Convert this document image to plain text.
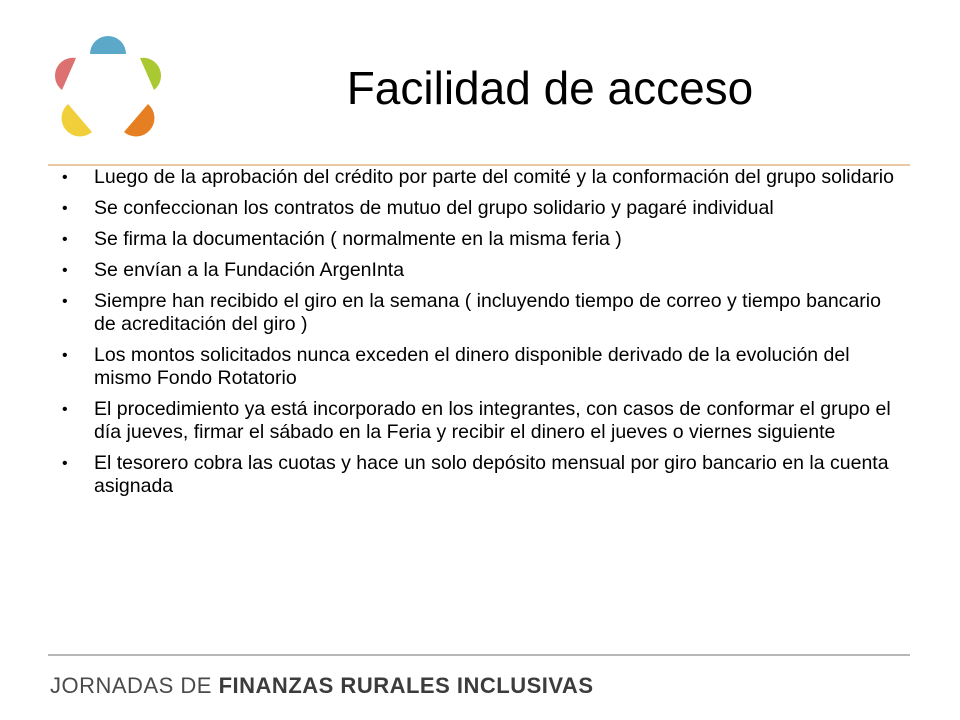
Facilidad de acceso
• Luego de la aprobación del crédito por parte del comité y la conformación del grupo solidario
• Se confeccionan los contratos de mutuo del grupo solidario y pagaré individual
• Se firma la documentación ( normalmente en la misma feria )
• Se envían a la Fundación ArgenInta
• Siempre han recibido el giro en la semana ( incluyendo tiempo de correo y tiempo bancario de acreditación del giro )
• Los montos solicitados nunca exceden el dinero disponible derivado de la evolución del mismo Fondo Rotatorio
• El procedimiento ya está incorporado en los integrantes, con casos de conformar el grupo el día jueves, firmar el sábado en la Feria y recibir el dinero el jueves o viernes siguiente
• El tesorero cobra las cuotas y hace un solo depósito mensual por giro bancario en la cuenta asignada
JORNADAS DE FINANZAS RURALES INCLUSIVAS
